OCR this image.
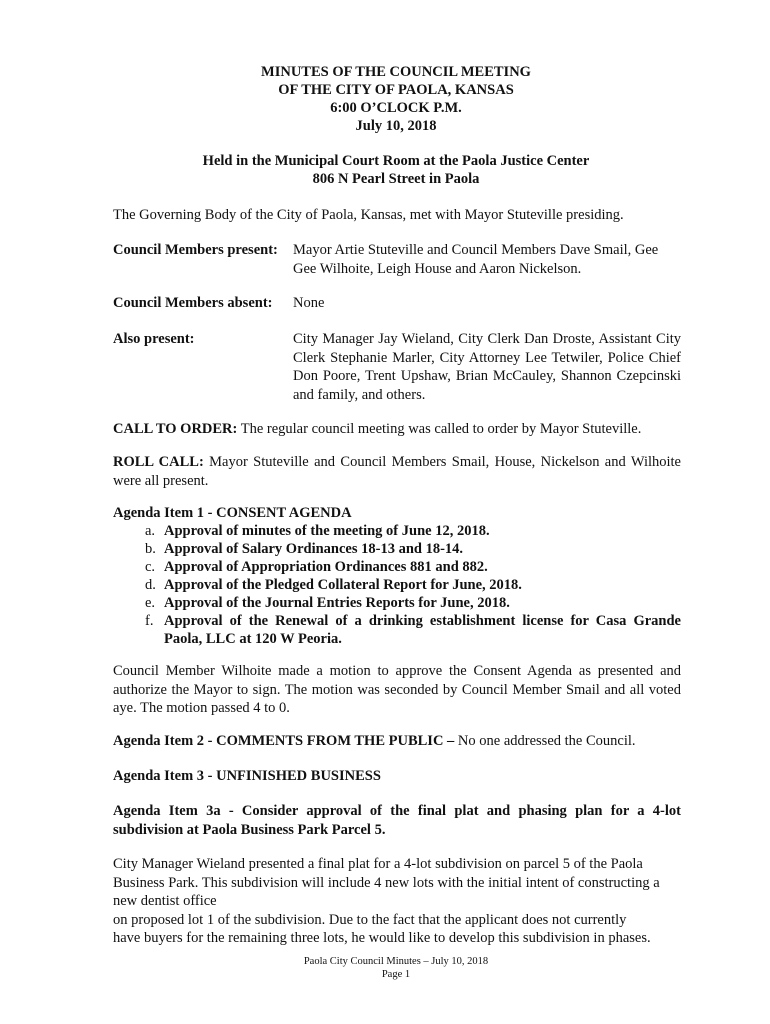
MINUTES OF THE COUNCIL MEETING
OF THE CITY OF PAOLA, KANSAS
6:00 O’CLOCK P.M.
July 10, 2018
Held in the Municipal Court Room at the Paola Justice Center
806 N Pearl Street in Paola
The Governing Body of the City of Paola, Kansas, met with Mayor Stuteville presiding.
Council Members present: Mayor Artie Stuteville and Council Members Dave Smail, Gee Gee Wilhoite, Leigh House and Aaron Nickelson.
Council Members absent: None
Also present:	City Manager Jay Wieland, City Clerk Dan Droste, Assistant City Clerk Stephanie Marler, City Attorney Lee Tetwiler, Police Chief Don Poore, Trent Upshaw, Brian McCauley, Shannon Czepcinski and family, and others.
CALL TO ORDER: The regular council meeting was called to order by Mayor Stuteville.
ROLL CALL: Mayor Stuteville and Council Members Smail, House, Nickelson and Wilhoite were all present.
Agenda Item 1 - CONSENT AGENDA
a. Approval of minutes of the meeting of June 12, 2018.
b. Approval of Salary Ordinances 18-13 and 18-14.
c. Approval of Appropriation Ordinances 881 and 882.
d. Approval of the Pledged Collateral Report for June, 2018.
e. Approval of the Journal Entries Reports for June, 2018.
f. Approval of the Renewal of a drinking establishment license for Casa Grande Paola, LLC at 120 W Peoria.
Council Member Wilhoite made a motion to approve the Consent Agenda as presented and authorize the Mayor to sign. The motion was seconded by Council Member Smail and all voted aye. The motion passed 4 to 0.
Agenda Item 2 - COMMENTS FROM THE PUBLIC – No one addressed the Council.
Agenda Item 3 - UNFINISHED BUSINESS
Agenda Item 3a - Consider approval of the final plat and phasing plan for a 4-lot subdivision at Paola Business Park Parcel 5.
City Manager Wieland presented a final plat for a 4-lot subdivision on parcel 5 of the Paola
Business Park. This subdivision will include 4 new lots with the initial intent of constructing a
new dentist office
on proposed lot 1 of the subdivision. Due to the fact that the applicant does not currently
have buyers for the remaining three lots, he would like to develop this subdivision in phases.
Paola City Council Minutes – July 10, 2018
Page 1
